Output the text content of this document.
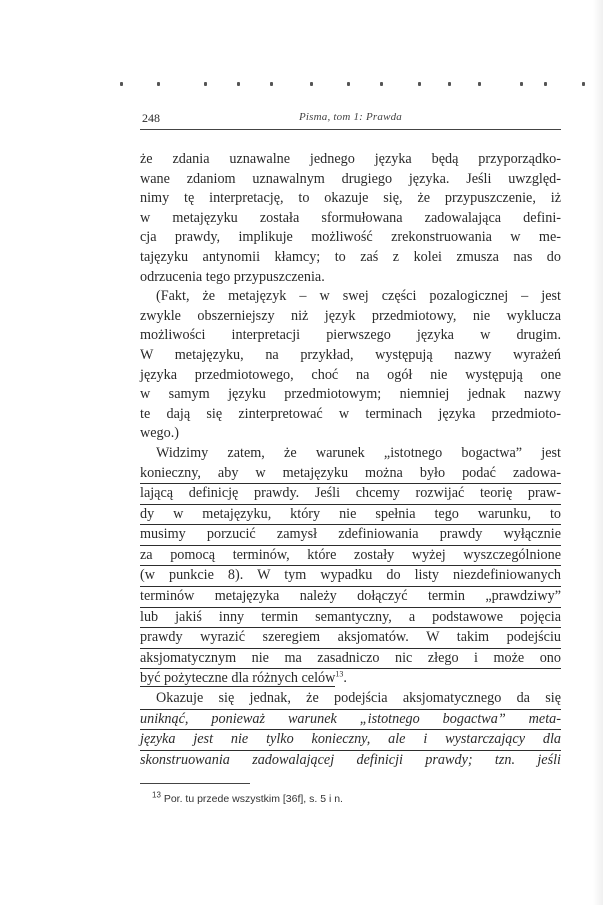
248	Pisma, tom 1: Prawda
że zdania uznawalne jednego języka będą przyporządko-
wane zdaniom uznawalnym drugiego języka. Jeśli uwzględ-
nimy tę interpretację, to okazuje się, że przypuszczenie, iż
w metajęzyku została sformułowana zadowalająca defini-
cja prawdy, implikuje możliwość zrekonstruowania w me-
tajęzyku antynomii kłamcy; to zaś z kolei zmusza nas do
odrzucenia tego przypuszczenia.
(Fakt, że metajęzyk – w swej części pozalogicznej – jest
zwykle obszerniejszy niż język przedmiotowy, nie wyklucza
możliwości interpretacji pierwszego języka w drugim.
W metajęzyku, na przykład, występują nazwy wyrażeń
języka przedmiotowego, choć na ogół nie występują one
w samym języku przedmiotowym; niemniej jednak nazwy
te dają się zinterpretować w terminach języka przedmioto-
wego.)
Widzimy zatem, że warunek „istotnego bogactwa” jest
konieczny, aby w metajęzyku można było podać zadowa-
lającą definicję prawdy. Jeśli chcemy rozwijać teorię praw-
dy w metajęzyku, który nie spełnia tego warunku, to
musimy porzucić zamysł zdefiniowania prawdy wyłącznie
za pomocą terminów, które zostały wyżej wyszczególnione
(w punkcie 8). W tym wypadku do listy niezdefiniowanych
terminów metajęzyka należy dołączyć termin „prawdziwy”
lub jakiś inny termin semantyczny, a podstawowe pojęcia
prawdy wyrazić szeregiem aksjomatów. W takim podejściu
aksjomatycznym nie ma zasadniczo nic złego i może ono
być pożyteczne dla różnych celów$^{13}$.
Okazuje się jednak, że podejścia aksjomatycznego da się
uniknąć, ponieważ warunek „istotnego bogactwa” meta-
języka jest nie tylko konieczny, ale i wystarczający dla
skonstruowania zadowalającej definicji prawdy; tzn. jeśli
$^{13}$ Por. tu przede wszystkim [36f], s. 5 i n.
